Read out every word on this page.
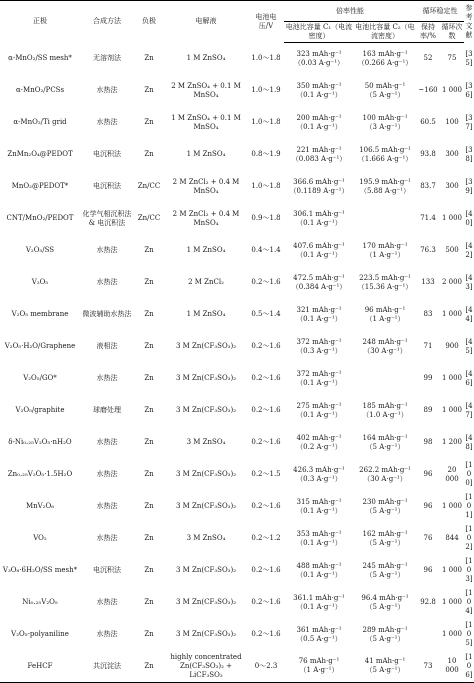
正极	合成方法	负极	电解液	电池电压/V	倍率性能		循环稳定性		参考文献
					电池比容量 C₁（电流密度）	电池比容量 C₂（电流密度）	保持率/%	循环次数	
α-MnO₂/SS mesh*	无溶剂法	Zn	1 M ZnSO₄	1.0～1.8	323 mAh·g⁻¹
（0.03 A·g⁻¹）	163 mAh·g⁻¹
（0.266 A·g⁻¹）	52	75	[35]
α-MnO₂/PCSs	水热法	Zn	2 M ZnSO₄ + 0.1 M MnSO₄	1.0～1.9	350 mAh·g⁻¹
（0.1 A·g⁻¹）	50 mAh·g⁻¹
（5 A·g⁻¹）	~160	1 000	[36]
α-MnO₂/Ti grid	水热法	Zn	1 M ZnSO₄ + 0.1 M MnSO₄	1.0～1.8	200 mAh·g⁻¹
（0.1 A·g⁻¹）	100 mAh·g⁻¹
（3 A·g⁻¹）	60.5	100	[37]
ZnMn₂O₄@PEDOT	电沉积法	Zn	1 M ZnSO₄	0.8～1.9	221 mAh·g⁻¹
（0.083 A·g⁻¹）	106.5 mAh·g⁻¹
（1.666 A·g⁻¹）	93.8	300	[38]
MnO₂@PEDOT*	电沉积法	Zn/CC	2 M ZnCl₂ + 0.4 M MnSO₄	1.0～1.8	366.6 mAh·g⁻¹
（0.1189 A·g⁻¹）	195.9 mAh·g⁻¹
（5.88 A·g⁻¹）	83.7	300	[39]
CNT/MnO₂/PEDOT	化学气相沉积法 & 电沉积法	Zn/CC	2 M ZnCl₂ + 0.4 M MnSO₄	0.9～1.8	306.1 mAh·g⁻¹
（0.1 A·g⁻¹）		71.4	1 000	[40]
V₂O₅/SS	水热法	Zn	1 M ZnSO₄	0.4～1.4	407.6 mAh·g⁻¹
（0.1 A·g⁻¹）	170 mAh·g⁻¹
（1 A·g⁻¹）	76.3	500	[42]
V₂O₅	水热法	Zn	2 M ZnCl₂	0.2～1.6	472.5 mAh·g⁻¹
（0.384 A·g⁻¹）	223.5 mAh·g⁻¹
（15.36 A·g⁻¹）	133	2 000	[43]
V₂O₅ membrane	微波辅助水热法	Zn	1 M ZnSO₄	0.5～1.4	321 mAh·g⁻¹
（0.1 A·g⁻¹）	96 mAh·g⁻¹
（1 A·g⁻¹）	83	1 000	[44]
V₂O₅·H₂O/Graphene	液相法	Zn	3 M Zn(CF₃SO₃)₂	0.2～1.6	372 mAh·g⁻¹
（0.3 A·g⁻¹）	248 mAh·g⁻¹
（30 A·g⁻¹）	71	900	[45]
V₂O₅/GO*	水热法	Zn	3 M Zn(CF₃SO₃)₂	0.2～1.6	372 mAh·g⁻¹
（0.1 A·g⁻¹）		99	1 000	[46]
V₂O₅/graphite	球磨处理	Zn	3 M Zn(CF₃SO₃)₂	0.2～1.6	275 mAh·g⁻¹
（0.1 A·g⁻¹）	185 mAh·g⁻¹
（1.0 A·g⁻¹）	89	1 000	[47]
δ-Ni₀.₂₅V₂O₅·nH₂O	水热法	Zn	3 M ZnSO₄	0.2～1.6	402 mAh·g⁻¹
（0.2 A·g⁻¹）	164 mAh·g⁻¹
（5 A·g⁻¹）	98	1 200	[48]
Zn₀.₂₅V₂O₅·1.5H₂O	水热法	Zn	3 M Zn(CF₃SO₃)₂	0.2～1.5	426.3 mAh·g⁻¹
（0.3 A·g⁻¹）	262.2 mAh·g⁻¹
（30 A·g⁻¹）	96	20 000	[100]
MnV₂O₆	水热法	Zn	3 M Zn(CF₃SO₃)₂	0.2～1.6	315 mAh·g⁻¹
（0.1 A·g⁻¹）	230 mAh·g⁻¹
（5 A·g⁻¹）	96	1 000	[101]
VO₂	水热法	Zn	3 M ZnSO₄	0.2～1.2	353 mAh·g⁻¹
（0.1 A·g⁻¹）	162 mAh·g⁻¹
（5 A·g⁻¹）	76	844	[102]
V₃O₈·6H₂O/SS mesh*	电沉积法	Zn	3 M Zn(CF₃SO₃)₂	0.2～1.6	488 mAh·g⁻¹
（0.1 A·g⁻¹）	245 mAh·g⁻¹
（5 A·g⁻¹）	96	1 000	[103]
Ni₀.₂₅V₂O₅	水热法	Zn	3 M Zn(CF₃SO₃)₂	0.2～1.6	361.1 mAh·g⁻¹
（0.1 A·g⁻¹）	96.4 mAh·g⁻¹
（5 A·g⁻¹）	92.8	1 000	[104]
V₂O₅-polyaniline	水热法	Zn	3 M Zn(CF₃SO₃)₂	0.2～1.6	361 mAh·g⁻¹
（0.5 A·g⁻¹）	289 mAh·g⁻¹
（5 A·g⁻¹）		1 000	[105]
FeHCF	共沉淀法	Zn	highly concentrated Zn(CF₃SO₃)₂ + LiCF₃SO₃	0～2.3	76 mAh·g⁻¹
（1 A·g⁻¹）	41 mAh·g⁻¹
（5 A·g⁻¹）	73	10 000	[106]
